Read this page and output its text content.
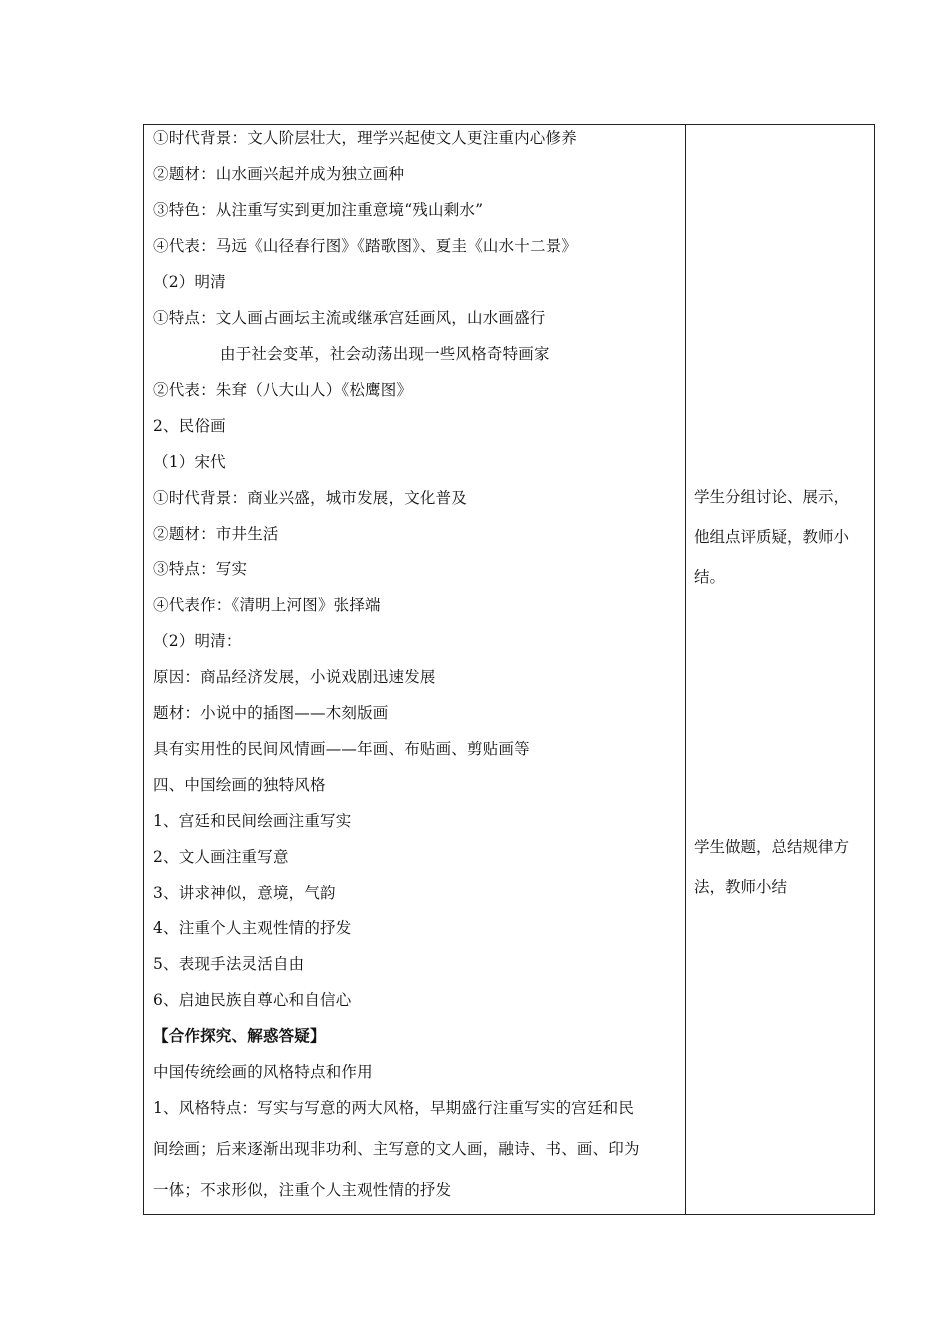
①时代背景：文人阶层壮大，理学兴起使文人更注重内心修养
②题材：山水画兴起并成为独立画种
③特色：从注重写实到更加注重意境“残山剩水”
④代表：马远《山径春行图》《踏歌图》、夏圭《山水十二景》
（2）明清
①特点：文人画占画坛主流或继承宫廷画风，山水画盛行
由于社会变革，社会动荡出现一些风格奇特画家
②代表：朱耷（八大山人）《松鹰图》
2、民俗画
（1）宋代
①时代背景：商业兴盛，城市发展，文化普及
②题材：市井生活
③特点：写实
④代表作：《清明上河图》张择端
（2）明清：
原因：商品经济发展，小说戏剧迅速发展
题材：小说中的插图——木刻版画
具有实用性的民间风情画——年画、布贴画、剪贴画等
四、中国绘画的独特风格
1、宫廷和民间绘画注重写实
2、文人画注重写意
3、讲求神似，意境，气韵
4、注重个人主观性情的抒发
5、表现手法灵活自由
6、启迪民族自尊心和自信心
【合作探究、解惑答疑】
中国传统绘画的风格特点和作用
1、风格特点：写实与写意的两大风格，早期盛行注重写实的宫廷和民
间绘画；后来逐渐出现非功利、主写意的文人画，融诗、书、画、印为
一体；不求形似，注重个人主观性情的抒发
学生分组讨论、展示，
他组点评质疑，教师小
结。
学生做题，总结规律方
法，教师小结
